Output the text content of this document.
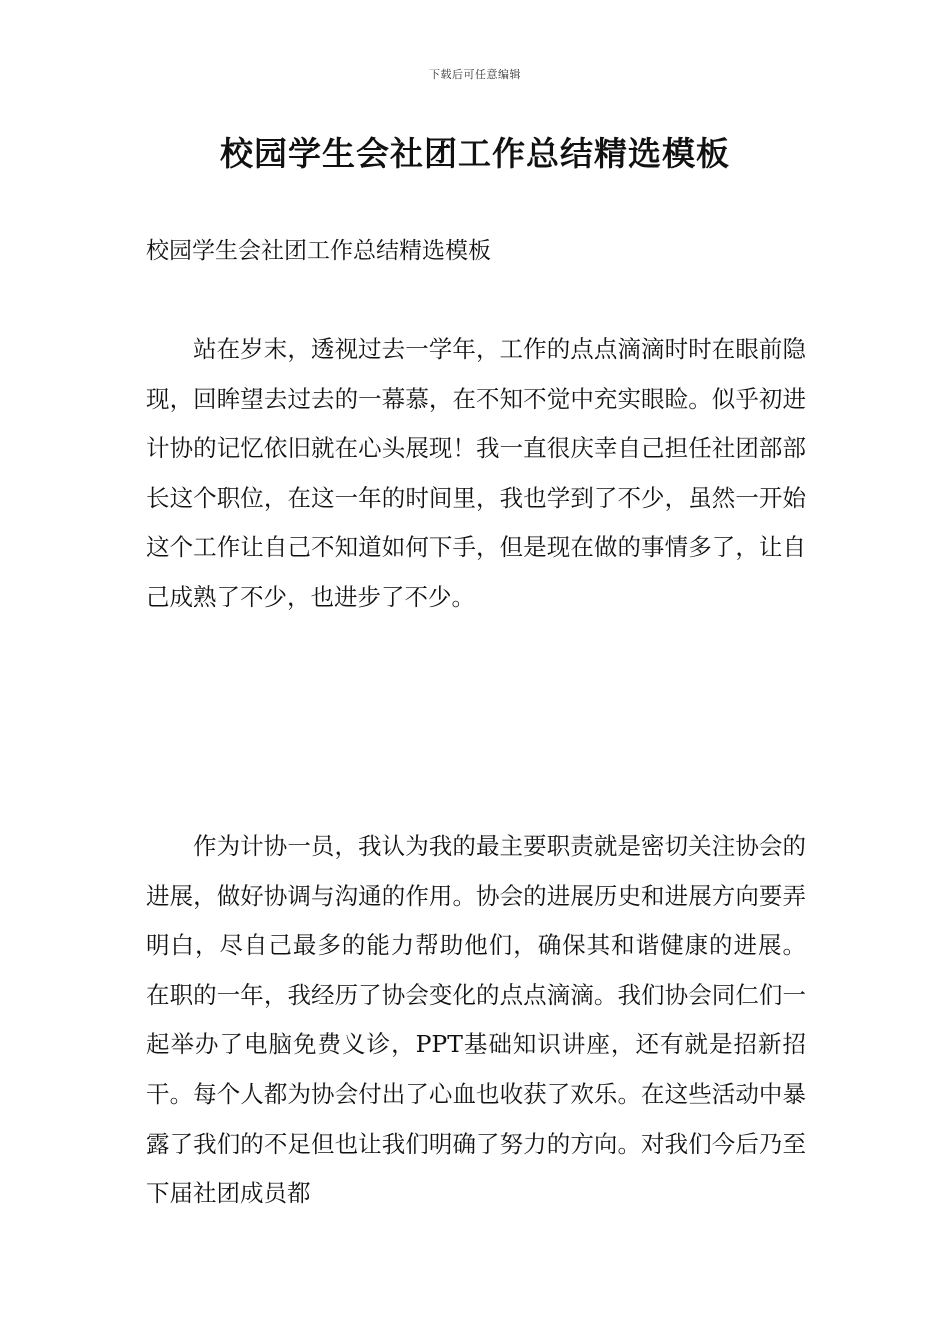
下载后可任意编辑
校园学生会社团工作总结精选模板
校园学生会社团工作总结精选模板

站在岁末，透视过去一学年，工作的点点滴滴时时在眼前隐现，回眸望去过去的一幕慕，在不知不觉中充实眼睑。似乎初进计协的记忆依旧就在心头展现！我一直很庆幸自己担任社团部部长这个职位，在这一年的时间里，我也学到了不少，虽然一开始这个工作让自己不知道如何下手，但是现在做的事情多了，让自己成熟了不少，也进步了不少。

作为计协一员，我认为我的最主要职责就是密切关注协会的进展，做好协调与沟通的作用。协会的进展历史和进展方向要弄明白，尽自己最多的能力帮助他们，确保其和谐健康的进展。 在职的一年，我经历了协会变化的点点滴滴。我们协会同仁们一起举办了电脑免费义诊，PPT基础知识讲座，还有就是招新招干。每个人都为协会付出了心血也收获了欢乐。在这些活动中暴露了我们的不足但也让我们明确了努力的方向。对我们今后乃至下届社团成员都
